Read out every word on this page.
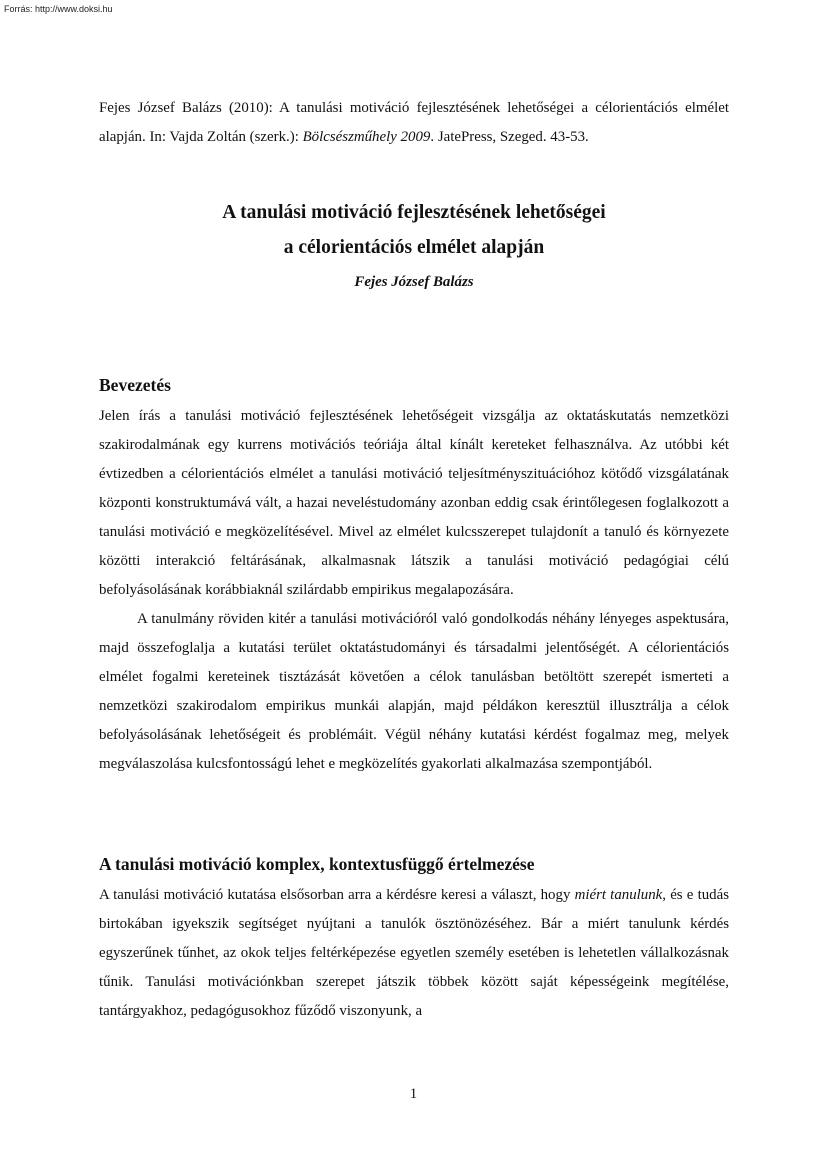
Forrás: http://www.doksi.hu

Fejes József Balázs (2010): A tanulási motiváció fejlesztésének lehetőségei a célorientációs elmélet alapján. In: Vajda Zoltán (szerk.): Bölcsészműhely 2009. JatePress, Szeged. 43-53.

A tanulási motiváció fejlesztésének lehetőségei
a célorientációs elmélet alapján
Fejes József Balázs
Bevezetés

Jelen írás a tanulási motiváció fejlesztésének lehetőségeit vizsgálja az oktatáskutatás nemzetközi szakirodalmának egy kurrens motivációs teóriája által kínált kereteket felhasználva. Az utóbbi két évtizedben a célorientációs elmélet a tanulási motiváció teljesítményszituációhoz kötődő vizsgálatának központi konstruktumává vált, a hazai neveléstudomány azonban eddig csak érintőlegesen foglalkozott a tanulási motiváció e megközelítésével. Mivel az elmélet kulcsszerepet tulajdonít a tanuló és környezete közötti interakció feltárásának, alkalmasnak látszik a tanulási motiváció pedagógiai célú befolyásolásának korábbiaknál szilárdabb empirikus megalapozására.

A tanulmány röviden kitér a tanulási motivációról való gondolkodás néhány lényeges aspektusára, majd összefoglalja a kutatási terület oktatástudományi és társadalmi jelentőségét. A célorientációs elmélet fogalmi kereteinek tisztázását követően a célok tanulásban betöltött szerepét ismerteti a nemzetközi szakirodalom empirikus munkái alapján, majd példákon keresztül illusztrálja a célok befolyásolásának lehetőségeit és problémáit. Végül néhány kutatási kérdést fogalmaz meg, melyek megválaszolása kulcsfontosságú lehet e megközelítés gyakorlati alkalmazása szempontjából.

A tanulási motiváció komplex, kontextusfüggő értelmezése

A tanulási motiváció kutatása elsősorban arra a kérdésre keresi a választ, hogy miért tanulunk, és e tudás birtokában igyekszik segítséget nyújtani a tanulók ösztönözéséhez. Bár a miért tanulunk kérdés egyszerűnek tűnhet, az okok teljes feltérképezése egyetlen személy esetében is lehetetlen vállalkozásnak tűnik. Tanulási motivációnkban szerepet játszik többek között saját képességeink megítélése, tantárgyakhoz, pedagógusokhoz fűződő viszonyunk, a

1
